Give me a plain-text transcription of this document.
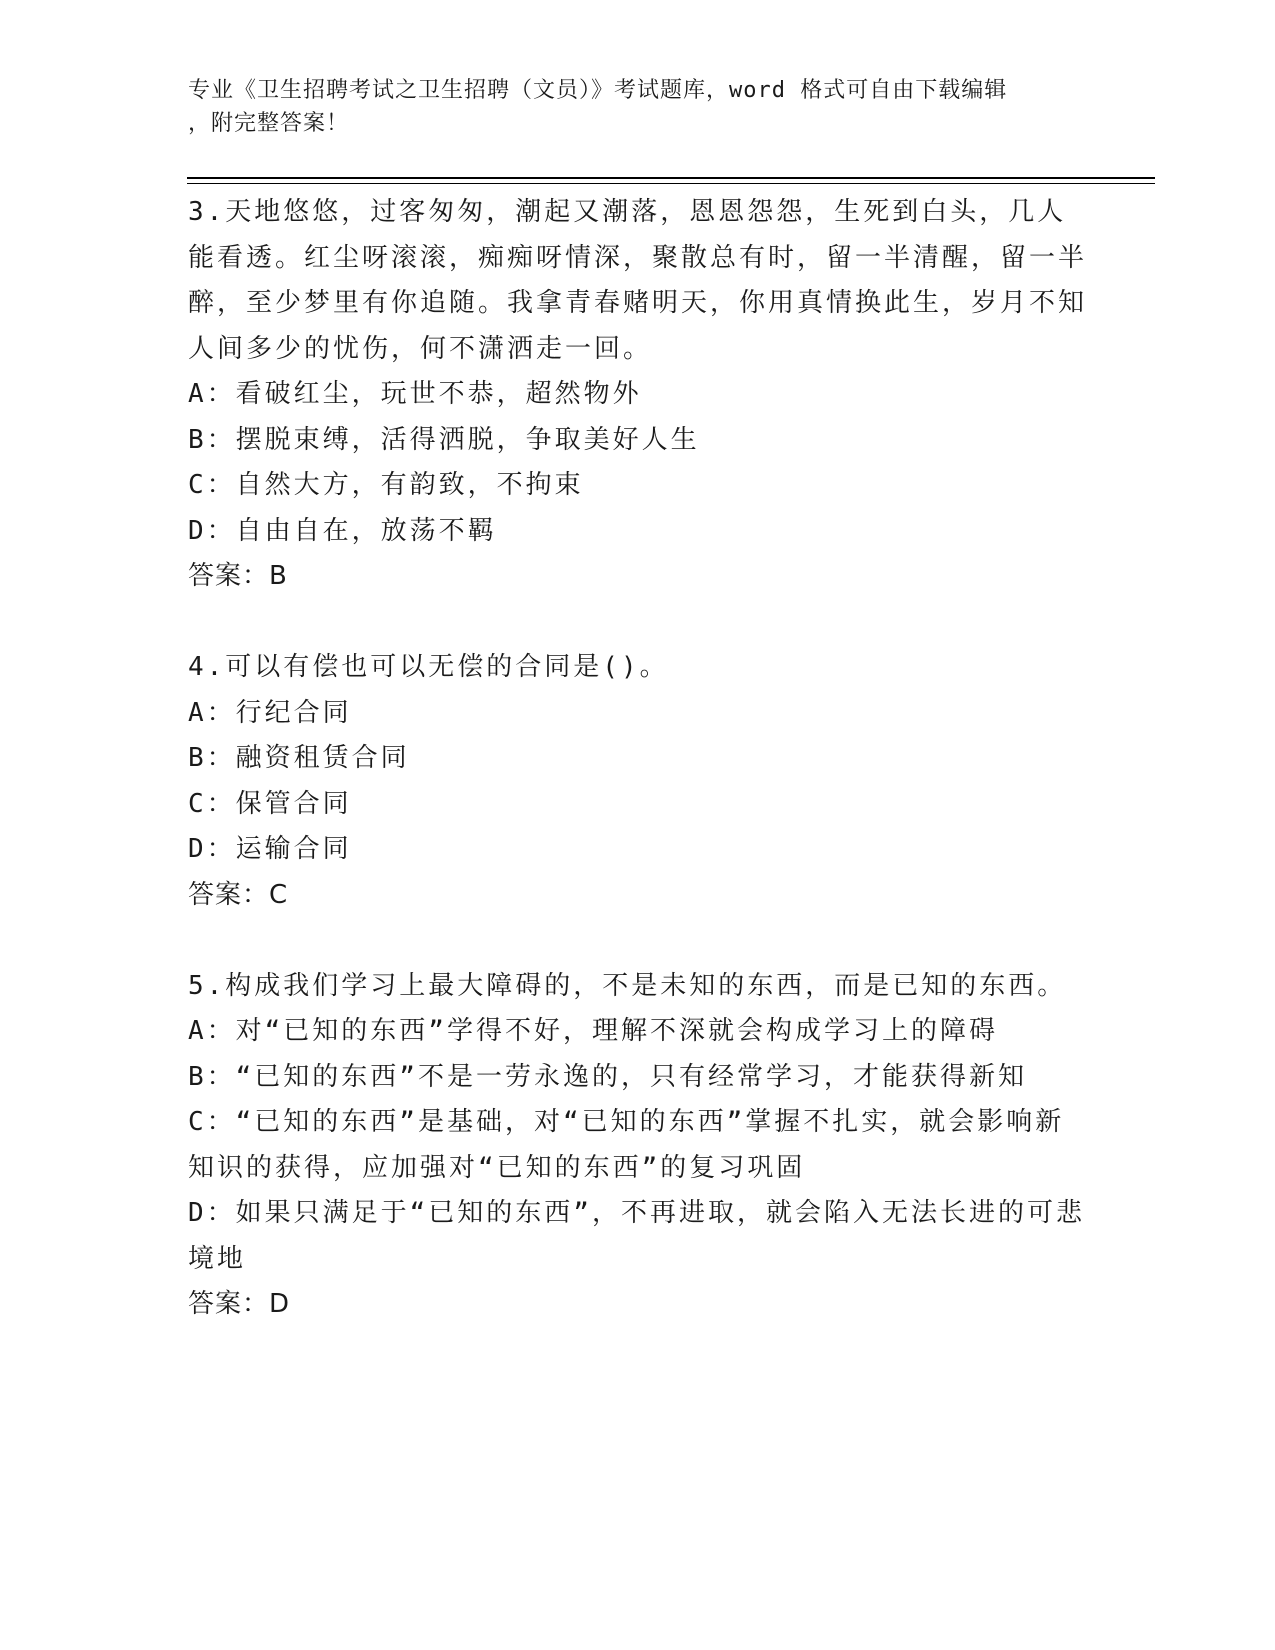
专业《卫生招聘考试之卫生招聘（文员）》考试题库，word 格式可自由下载编辑
，附完整答案！

3.天地悠悠，过客匆匆，潮起又潮落，恩恩怨怨，生死到白头，几人能看透。红尘呀滚滚，痴痴呀情深，聚散总有时，留一半清醒，留一半醉，至少梦里有你追随。我拿青春赌明天，你用真情换此生，岁月不知人间多少的忧伤，何不潇洒走一回。

A：看破红尘，玩世不恭，超然物外

B：摆脱束缚，活得洒脱，争取美好人生

C：自然大方，有韵致，不拘束

D：自由自在，放荡不羁

答案：B

4.可以有偿也可以无偿的合同是()。

A：行纪合同

B：融资租赁合同

C：保管合同

D：运输合同

答案：C

5.构成我们学习上最大障碍的，不是未知的东西，而是已知的东西。

A：对“已知的东西”学得不好，理解不深就会构成学习上的障碍

B：“已知的东西”不是一劳永逸的，只有经常学习，才能获得新知

C：“已知的东西”是基础，对“已知的东西”掌握不扎实，就会影响新知识的获得，应加强对“已知的东西”的复习巩固

D：如果只满足于“已知的东西”，不再进取，就会陷入无法长进的可悲境地

答案：D
